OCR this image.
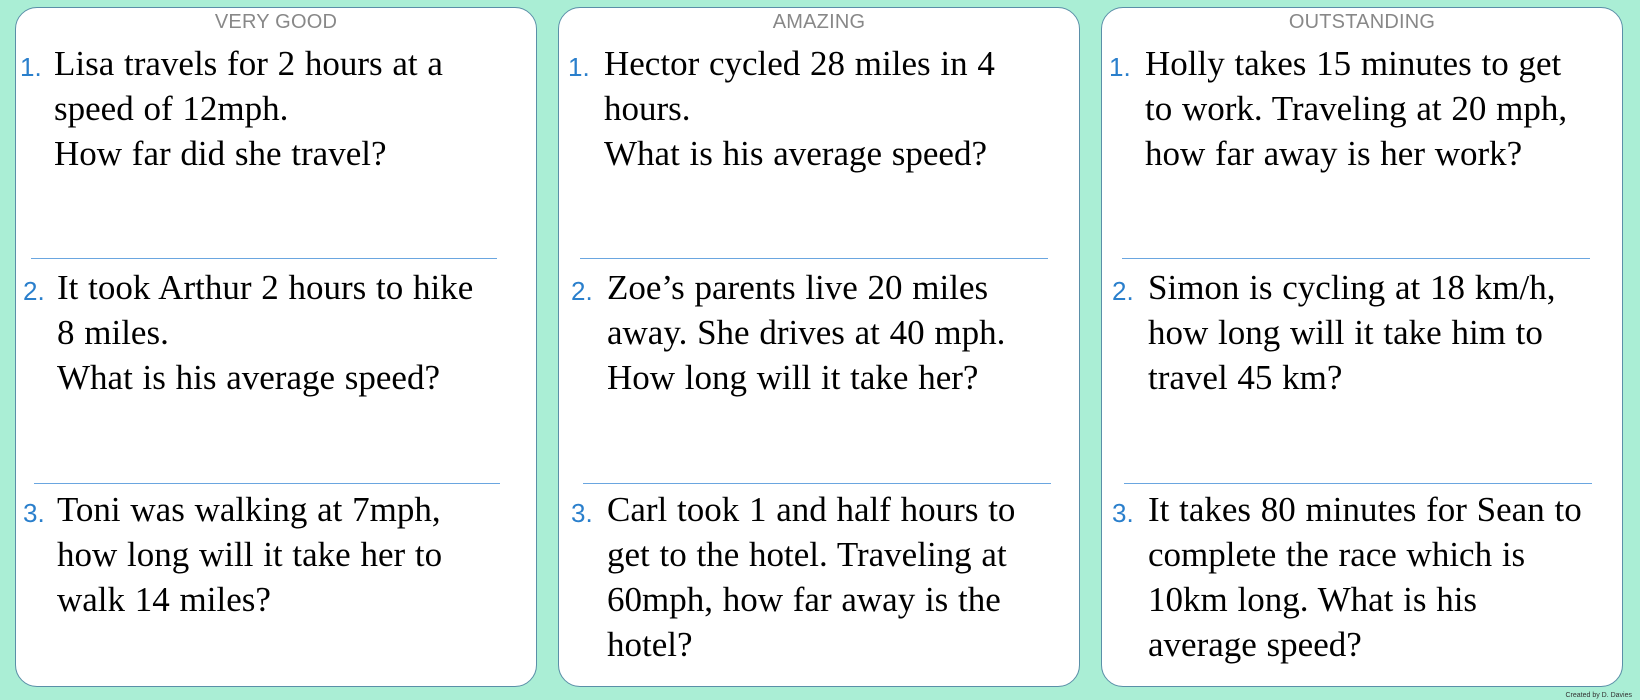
VERY GOOD
1. Lisa travels for 2 hours at a
speed of 12mph.
How far did she travel?
2. It took Arthur 2 hours to hike
8 miles.
What is his average speed?
3. Toni was walking at 7mph,
how long will it take her to
walk 14 miles?
AMAZING
1. Hector cycled 28 miles in 4
hours.
What is his average speed?
2. Zoe’s parents live 20 miles
away. She drives at 40 mph.
How long will it take her?
3. Carl took 1 and half hours to
get to the hotel. Traveling at
60mph, how far away is the
hotel?
OUTSTANDING
1. Holly takes 15 minutes to get
to work. Traveling at 20 mph,
how far away is her work?
2. Simon is cycling at 18 km/h,
how long will it take him to
travel 45 km?
3. It takes 80 minutes for Sean to
complete the race which is
10km long. What is his
average speed?
Created by D. Davies
